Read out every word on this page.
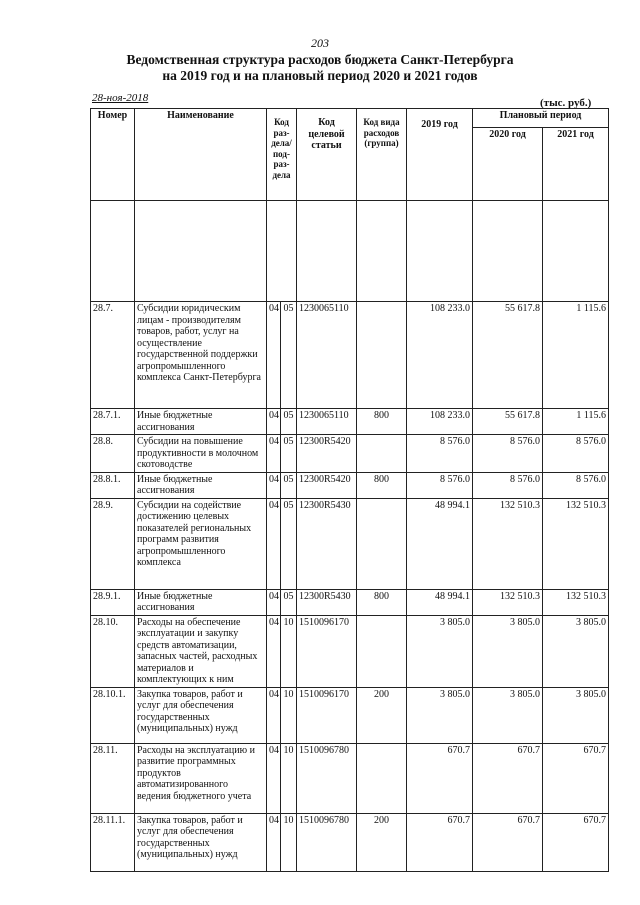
203
Ведомственная структура расходов бюджета Санкт-Петербурга
на 2019 год и на плановый период 2020 и 2021 годов
28-ноя-2018	(тыс. руб.)
Номер	Наименование	Код раз-дела/ под-раз-дела		Код целевой статьи	Код вида расходов (группа)	2019 год	Плановый период	
							2020 год	2021 год

28.7.	Субсидии юридическим лицам - производителям товаров, работ, услуг на осуществление государственной поддержки агропромышленного комплекса Санкт-Петербурга	04	05	1230065110		108 233.0	55 617.8	1 115.6
28.7.1.	Иные бюджетные ассигнования	04	05	1230065110	800	108 233.0	55 617.8	1 115.6
28.8.	Субсидии на повышение продуктивности в молочном скотоводстве	04	05	12300R5420		8 576.0	8 576.0	8 576.0
28.8.1.	Иные бюджетные ассигнования	04	05	12300R5420	800	8 576.0	8 576.0	8 576.0
28.9.	Субсидии на содействие достижению целевых показателей региональных программ развития агропромышленного комплекса	04	05	12300R5430		48 994.1	132 510.3	132 510.3
28.9.1.	Иные бюджетные ассигнования	04	05	12300R5430	800	48 994.1	132 510.3	132 510.3
28.10.	Расходы на обеспечение эксплуатации и закупку средств автоматизации, запасных частей, расходных материалов и комплектующих к ним	04	10	1510096170		3 805.0	3 805.0	3 805.0
28.10.1.	Закупка товаров, работ и услуг для обеспечения государственных (муниципальных) нужд	04	10	1510096170	200	3 805.0	3 805.0	3 805.0
28.11.	Расходы на эксплуатацию и развитие программных продуктов автоматизированного ведения бюджетного учета	04	10	1510096780		670.7	670.7	670.7
28.11.1.	Закупка товаров, работ и услуг для обеспечения государственных (муниципальных) нужд	04	10	1510096780	200	670.7	670.7	670.7
